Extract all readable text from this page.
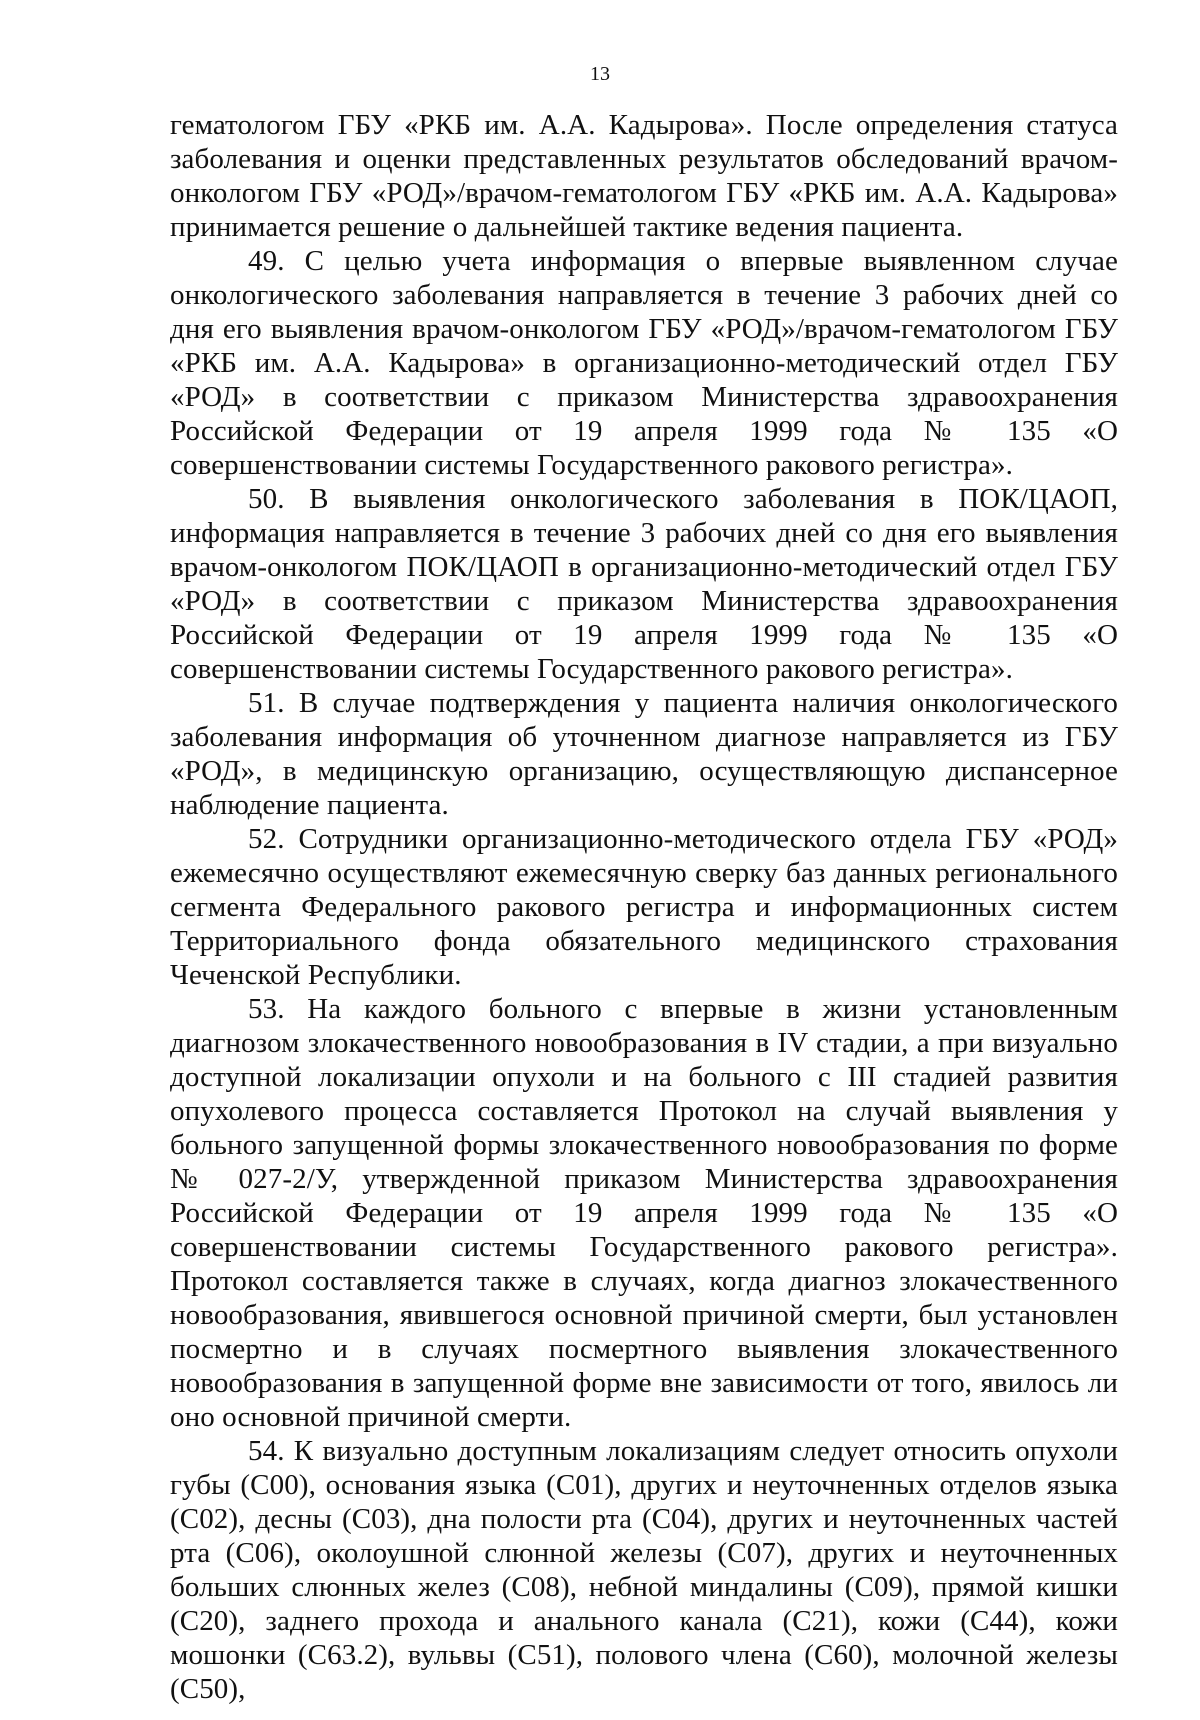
13

гематологом ГБУ «РКБ им. А.А. Кадырова». После определения статуса заболевания и оценки представленных результатов обследований врачом-онкологом ГБУ «РОД»/врачом-гематологом ГБУ «РКБ им. А.А. Кадырова» принимается решение о дальнейшей тактике ведения пациента.

49. С целью учета информация о впервые выявленном случае онкологического заболевания направляется в течение 3 рабочих дней со дня его выявления врачом-онкологом ГБУ «РОД»/врачом-гематологом ГБУ «РКБ им. А.А. Кадырова» в организационно-методический отдел ГБУ «РОД» в соответствии с приказом Министерства здравоохранения Российской Федерации от 19 апреля 1999 года № 135 «О совершенствовании системы Государственного ракового регистра».

50. В выявления онкологического заболевания в ПОК/ЦАОП, информация направляется в течение 3 рабочих дней со дня его выявления врачом-онкологом ПОК/ЦАОП в организационно-методический отдел ГБУ «РОД» в соответствии с приказом Министерства здравоохранения Российской Федерации от 19 апреля 1999 года № 135 «О совершенствовании системы Государственного ракового регистра».

51. В случае подтверждения у пациента наличия онкологического заболевания информация об уточненном диагнозе направляется из ГБУ «РОД», в медицинскую организацию, осуществляющую диспансерное наблюдение пациента.

52. Сотрудники организационно-методического отдела ГБУ «РОД» ежемесячно осуществляют ежемесячную сверку баз данных регионального сегмента Федерального ракового регистра и информационных систем Территориального фонда обязательного медицинского страхования Чеченской Республики.

53. На каждого больного с впервые в жизни установленным диагнозом злокачественного новообразования в IV стадии, а при визуально доступной локализации опухоли и на больного с III стадией развития опухолевого процесса составляется Протокол на случай выявления у больного запущенной формы злокачественного новообразования по форме № 027-2/У, утвержденной приказом Министерства здравоохранения Российской Федерации от 19 апреля 1999 года № 135 «О совершенствовании системы Государственного ракового регистра». Протокол составляется также в случаях, когда диагноз злокачественного новообразования, явившегося основной причиной смерти, был установлен посмертно и в случаях посмертного выявления злокачественного новообразования в запущенной форме вне зависимости от того, явилось ли оно основной причиной смерти.

54. К визуально доступным локализациям следует относить опухоли губы (С00), основания языка (С01), других и неуточненных отделов языка (С02), десны (С03), дна полости рта (С04), других и неуточненных частей рта (С06), околоушной слюнной железы (С07), других и неуточненных больших слюнных желез (С08), небной миндалины (С09), прямой кишки (С20), заднего прохода и анального канала (С21), кожи (С44), кожи мошонки (С63.2), вульвы (С51), полового члена (С60), молочной железы (С50),
